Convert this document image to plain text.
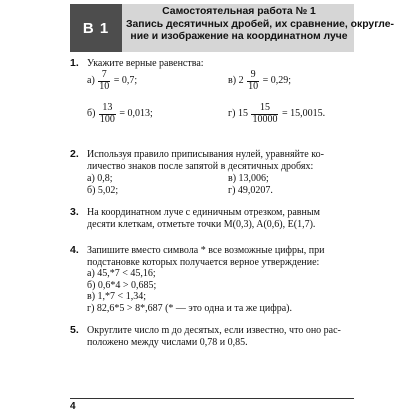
В 1
Самостоятельная работа № 1
Запись десятичных дробей, их сравнение, округле-
ние и изображение на координатном луче
1. Укажите верные равенства:
$а) \frac{7}{10} = 0,7$;	в) $2 \frac{9}{10} = 0,29$;
$б) \frac{13}{100} = 0,013$;	г) $15 \frac{15}{10000} = 15,0015$.
2. Используя правило приписывания нулей, уравняйте ко-
личество знаков после запятой в десятичных дробях:
а) 0,8;	в) 13,006;
б) 5,02;	г) 49,0207.
3. На координатном луче с единичным отрезком, равным
десяти клеткам, отметьте точки M(0,3), A(0,6), E(1,7).
4. Запишите вместо символа * все возможные цифры, при
подстановке которых получается верное утверждение:
а) 45,*7 < 45,16;
б) 0,6*4 > 0,685;
в) 1,*7 < 1,34;
г) 82,6*5 > 8*,687 (* — это одна и та же цифра).
5. Округлите число m до десятых, если известно, что оно рас-
положено между числами 0,78 и 0,85.
4
